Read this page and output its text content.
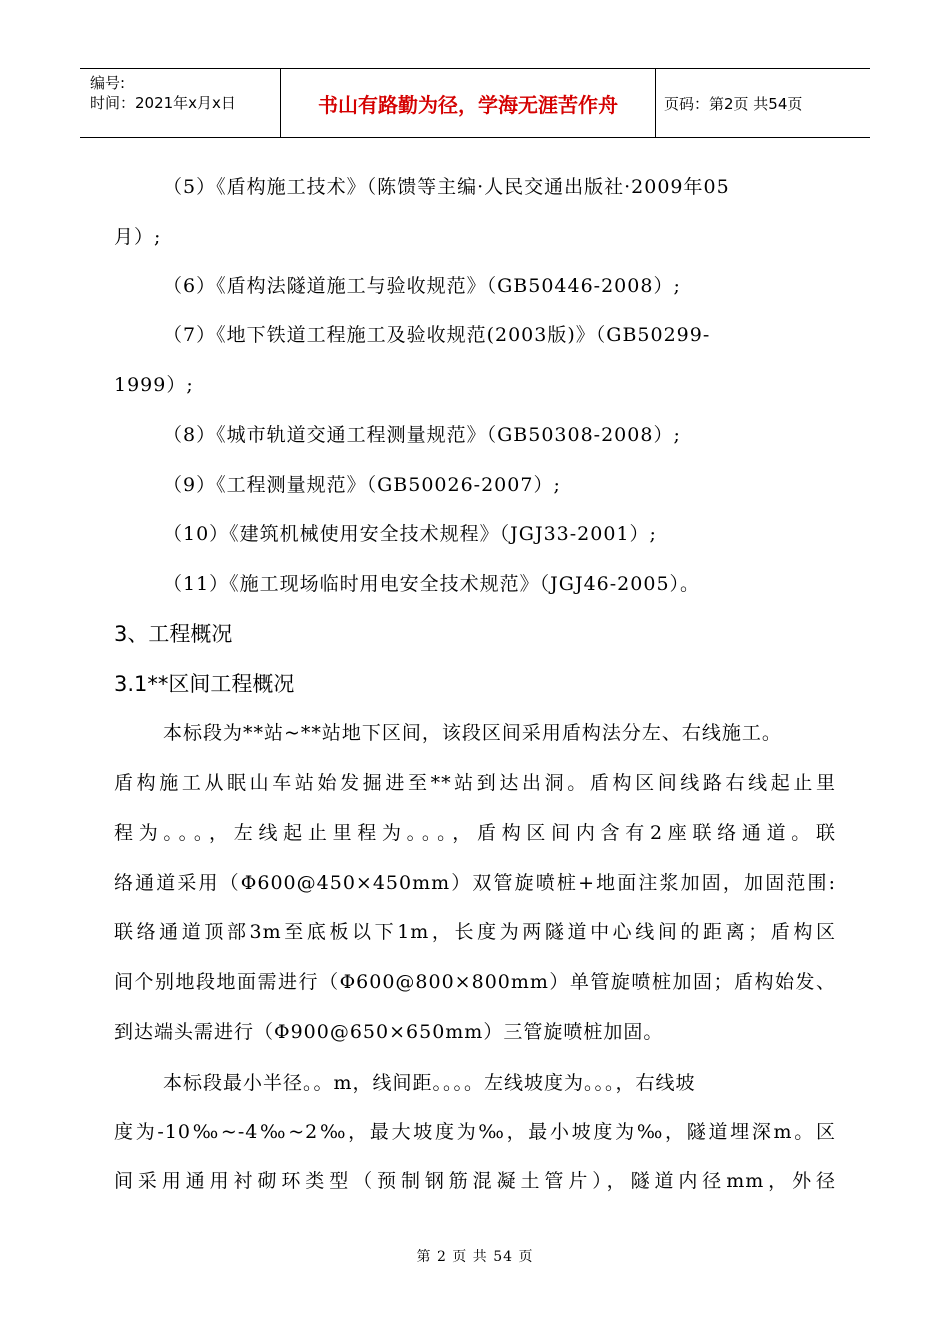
编号:
时间：2021年x月x日	书山有路勤为径，学海无涯苦作舟	页码：第2页 共54页
（5）《盾构施工技术》（陈馈等主编·人民交通出版社·2009年05
月）;
（6）《盾构法隧道施工与验收规范》（GB50446-2008）;
（7）《地下铁道工程施工及验收规范(2003版)》（GB50299-
1999）;
（8）《城市轨道交通工程测量规范》（GB50308-2008）;
（9）《工程测量规范》（GB50026-2007）;
（10）《建筑机械使用安全技术规程》（JGJ33-2001）;
（11）《施工现场临时用电安全技术规范》（JGJ46-2005）。
3、工程概况
3.1**区间工程概况
本标段为**站~**站地下区间，该段区间采用盾构法分左、右线施工。
盾构施工从眠山车站始发掘进至**站到达出洞。盾构区间线路右线起止里
程为。。。，左线起止里程为。。。，盾构区间内含有2座联络通道。联
络通道采用（Φ600@450×450mm）双管旋喷桩+地面注浆加固，加固范围:
联络通道顶部3m至底板以下1m，长度为两隧道中心线间的距离；盾构区
间个别地段地面需进行（Φ600@800×800mm）单管旋喷桩加固；盾构始发、
到达端头需进行（Φ900@650×650mm）三管旋喷桩加固。
本标段最小半径。。m，线间距。。。。左线坡度为。。。，右线坡
度为-10‰~-4‰~2‰，最大坡度为‰，最小坡度为‰，隧道埋深m。区
间采用通用衬砌环类型（预制钢筋混凝土管片），隧道内径mm，外径
第 2 页 共 54 页
